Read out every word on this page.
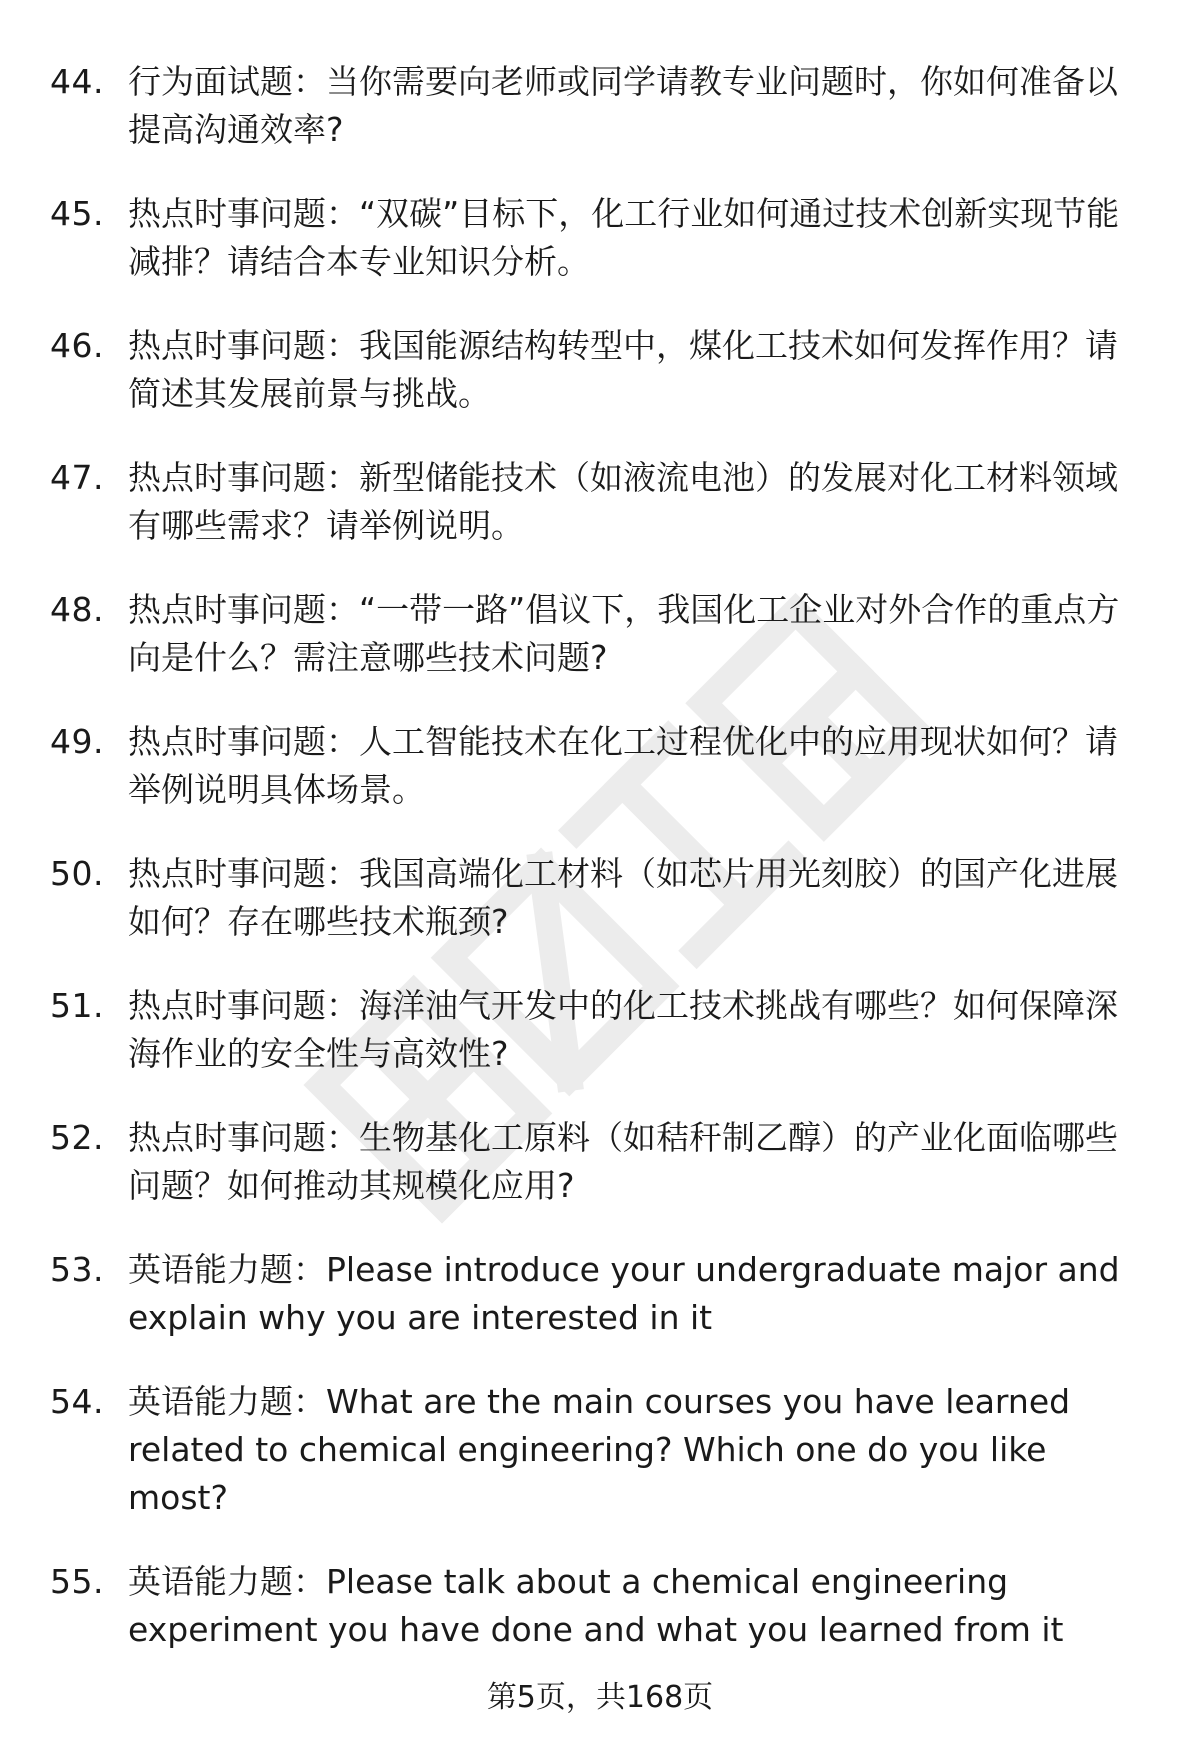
44. 行为面试题：当你需要向老师或同学请教专业问题时，你如何准备以提高沟通效率?
45. 热点时事问题：“双碳”目标下，化工行业如何通过技术创新实现节能减排？请结合本专业知识分析。
46. 热点时事问题：我国能源结构转型中，煤化工技术如何发挥作用？请简述其发展前景与挑战。
47. 热点时事问题：新型储能技术（如液流电池）的发展对化工材料领域有哪些需求？请举例说明。
48. 热点时事问题：“一带一路”倡议下，我国化工企业对外合作的重点方向是什么？需注意哪些技术问题?
49. 热点时事问题：人工智能技术在化工过程优化中的应用现状如何？请举例说明具体场景。
50. 热点时事问题：我国高端化工材料（如芯片用光刻胶）的国产化进展如何？存在哪些技术瓶颈?
51. 热点时事问题：海洋油气开发中的化工技术挑战有哪些？如何保障深海作业的安全性与高效性?
52. 热点时事问题：生物基化工原料（如秸秆制乙醇）的产业化面临哪些问题？如何推动其规模化应用?
53. 英语能力题：Please introduce your undergraduate major and explain why you are interested in it
54. 英语能力题：What are the main courses you have learned related to chemical engineering? Which one do you like most?
55. 英语能力题：Please talk about a chemical engineering experiment you have done and what you learned from it
第5页，共168页
